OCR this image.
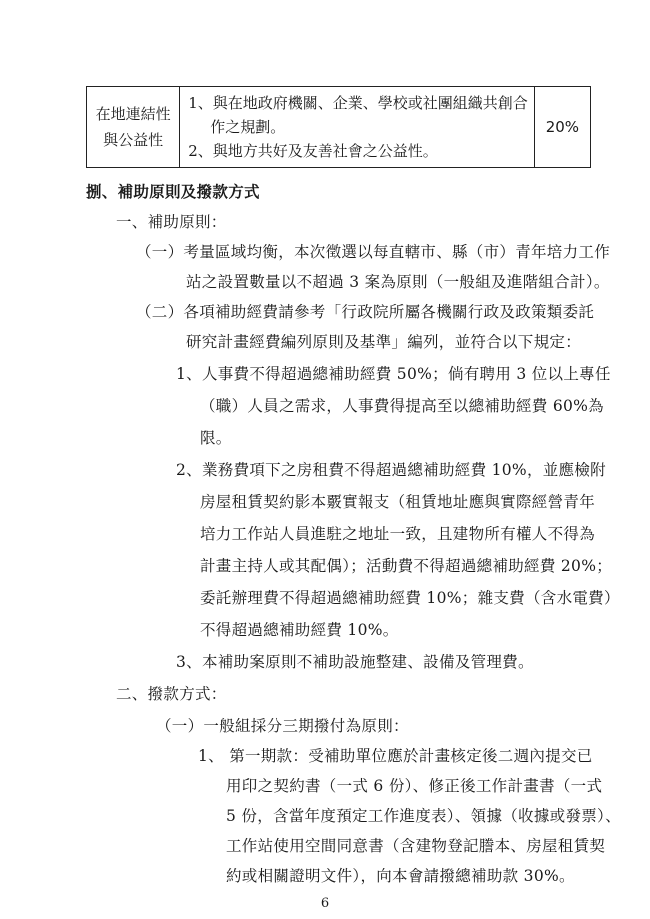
在地連結性
與公益性

1、與在地政府機關、企業、學校或社團組織共創合
作之規劃。
2、與地方共好及友善社會之公益性。
	20%
捌、補助原則及撥款方式
一、補助原則：
（一）考量區域均衡，本次徵選以每直轄市、縣（市）青年培力工作
站之設置數量以不超過 3 案為原則（一般組及進階組合計）。
（二）各項補助經費請參考「行政院所屬各機關行政及政策類委託
研究計畫經費編列原則及基準」編列，並符合以下規定：
1、人事費不得超過總補助經費 50%；倘有聘用 3 位以上專任
（職）人員之需求，人事費得提高至以總補助經費 60%為
限。
2、業務費項下之房租費不得超過總補助經費 10%，並應檢附
房屋租賃契約影本覈實報支（租賃地址應與實際經營青年
培力工作站人員進駐之地址一致，且建物所有權人不得為
計畫主持人或其配偶）；活動費不得超過總補助經費 20%；
委託辦理費不得超過總補助經費 10%；雜支費（含水電費）
不得超過總補助經費 10%。
3、本補助案原則不補助設施整建、設備及管理費。
二、撥款方式：
（一）一般組採分三期撥付為原則：
1、 第一期款：受補助單位應於計畫核定後二週內提交已
用印之契約書（一式 6 份）、修正後工作計畫書（一式
5 份，含當年度預定工作進度表）、領據（收據或發票）、
工作站使用空間同意書（含建物登記謄本、房屋租賃契
約或相關證明文件），向本會請撥總補助款 30%。
6
